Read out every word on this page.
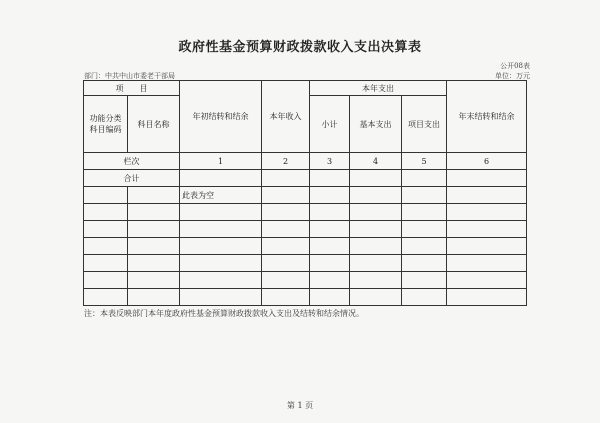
政府性基金预算财政拨款收入支出决算表
公开08表
部门：中共中山市委老干部局	单位：万元
项　　目		年初结转和结余	本年收入	本年支出			年末结转和结余
功能分类科目编码	科目名称			小计	基本支出	项目支出	
栏次		1	2	3	4	5	6
合计							
		此表为空					

注：本表反映部门本年度政府性基金预算财政拨款收入支出及结转和结余情况。
第 1 页
